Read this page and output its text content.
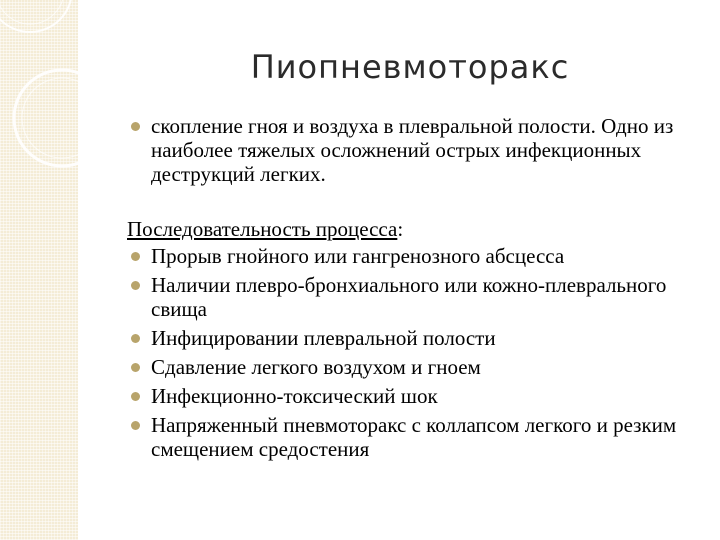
Пиопневмоторакс
скопление гноя и воздуха в плевральной полости. Одно из наиболее тяжелых осложнений острых инфекционных деструкций легких.

Последовательность процесса:

Прорыв гнойного или гангренозного абсцесса
Наличии плевро-бронхиального или кожно-плеврального свища
Инфицировании плевральной полости
Сдавление легкого воздухом и гноем
Инфекционно-токсический шок
Напряженный пневмоторакс с коллапсом легкого и резким смещением средостения
